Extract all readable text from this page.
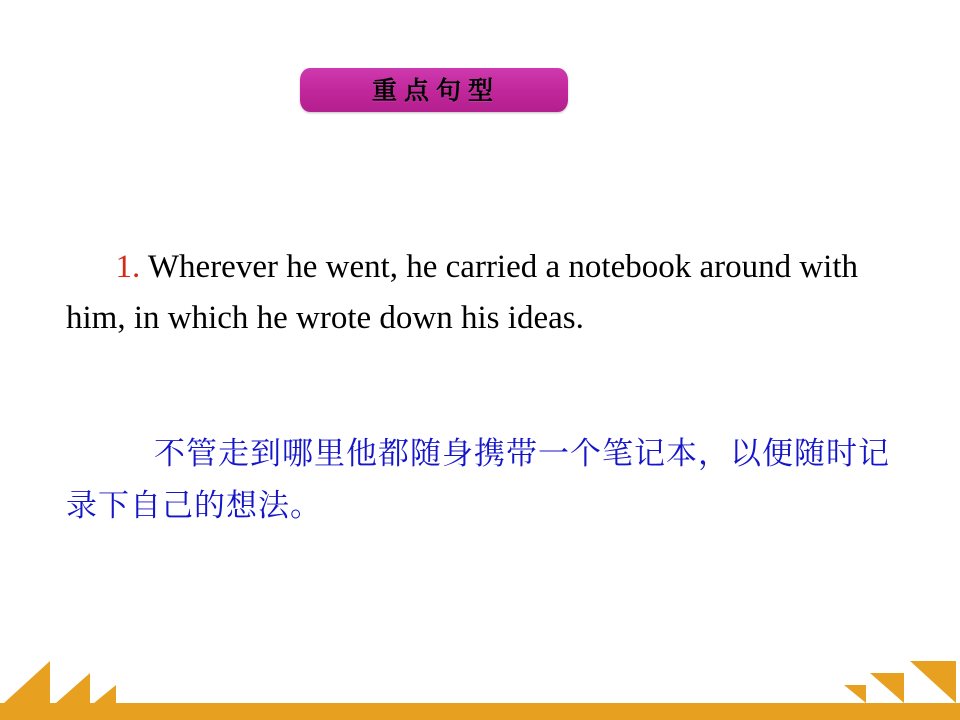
重点句型

1. Wherever he went, he carried a notebook around with him, in which he wrote down his ideas.

不管走到哪里他都随身携带一个笔记本，以便随时记录下自己的想法。
